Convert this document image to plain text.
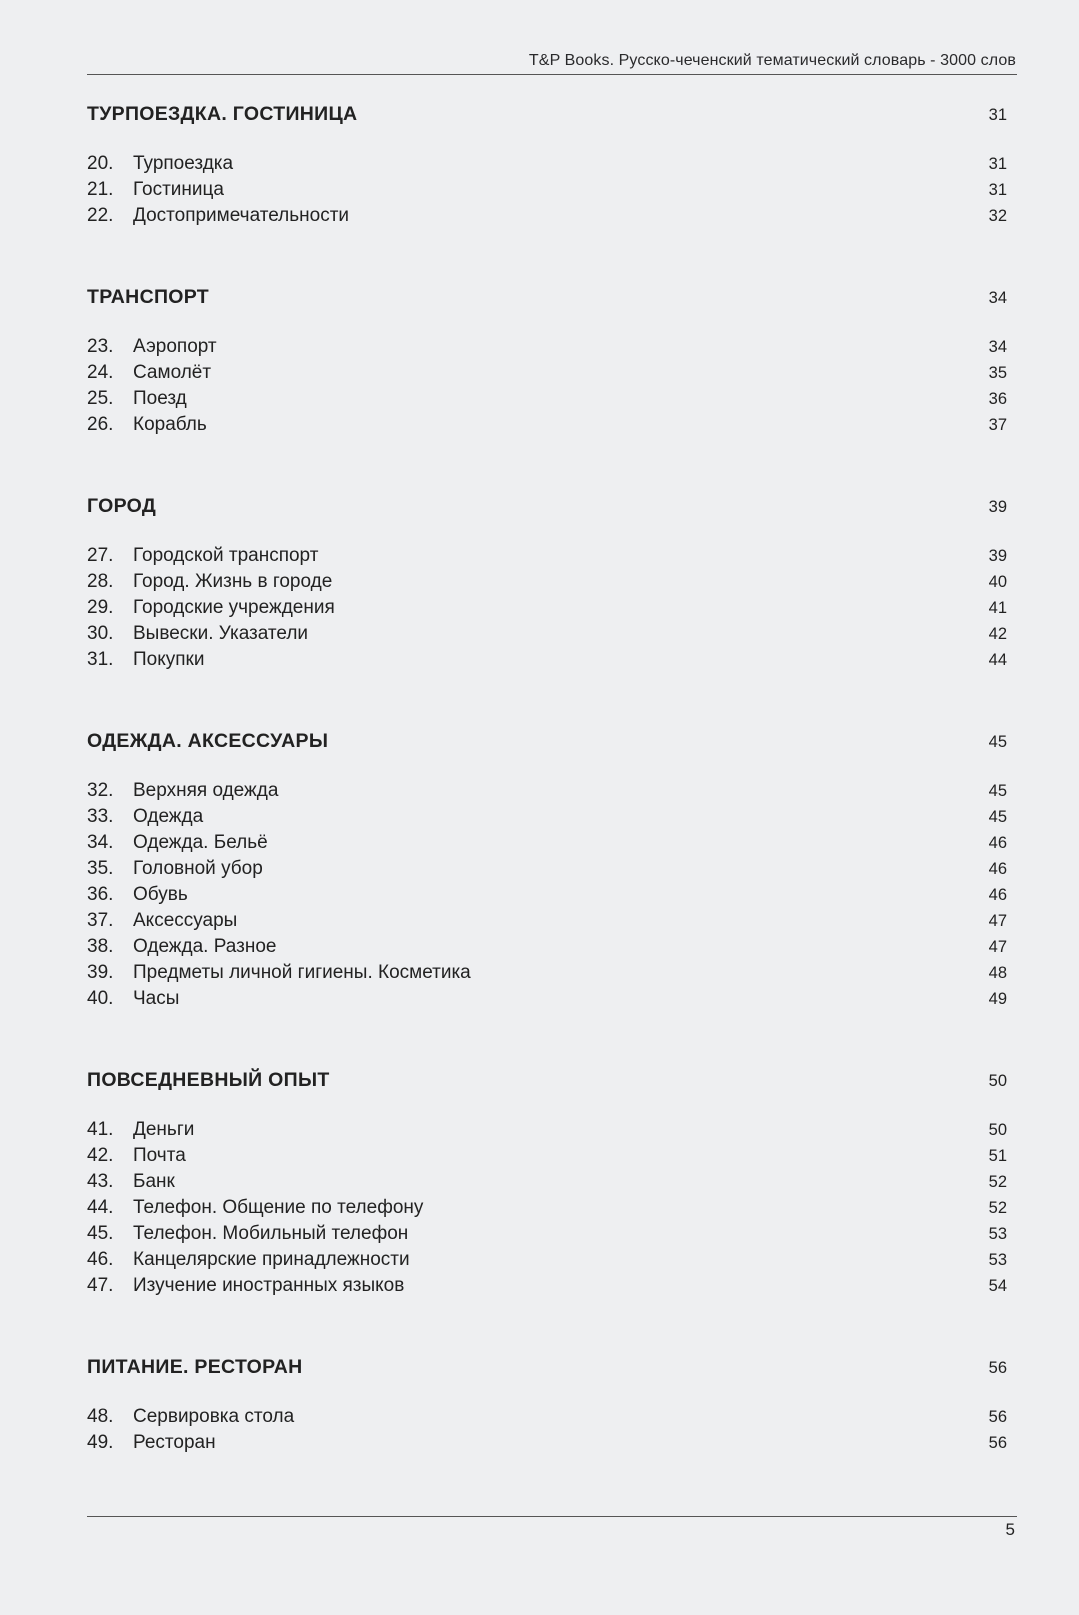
T&P Books. Русско-чеченский тематический словарь - 3000 слов
ТУРПОЕЗДКА. ГОСТИНИЦА	31
20.	Турпоездка	31
21.	Гостиница	31
22.	Достопримечательности	32
ТРАНСПОРТ	34
23.	Аэропорт	34
24.	Самолёт	35
25.	Поезд	36
26.	Корабль	37
ГОРОД	39
27.	Городской транспорт	39
28.	Город. Жизнь в городе	40
29.	Городские учреждения	41
30.	Вывески. Указатели	42
31.	Покупки	44
ОДЕЖДА. АКСЕССУАРЫ	45
32.	Верхняя одежда	45
33.	Одежда	45
34.	Одежда. Бельё	46
35.	Головной убор	46
36.	Обувь	46
37.	Аксессуары	47
38.	Одежда. Разное	47
39.	Предметы личной гигиены. Косметика	48
40.	Часы	49
ПОВСЕДНЕВНЫЙ ОПЫТ	50
41.	Деньги	50
42.	Почта	51
43.	Банк	52
44.	Телефон. Общение по телефону	52
45.	Телефон. Мобильный телефон	53
46.	Канцелярские принадлежности	53
47.	Изучение иностранных языков	54
ПИТАНИЕ. РЕСТОРАН	56
48.	Сервировка стола	56
49.	Ресторан	56
5
